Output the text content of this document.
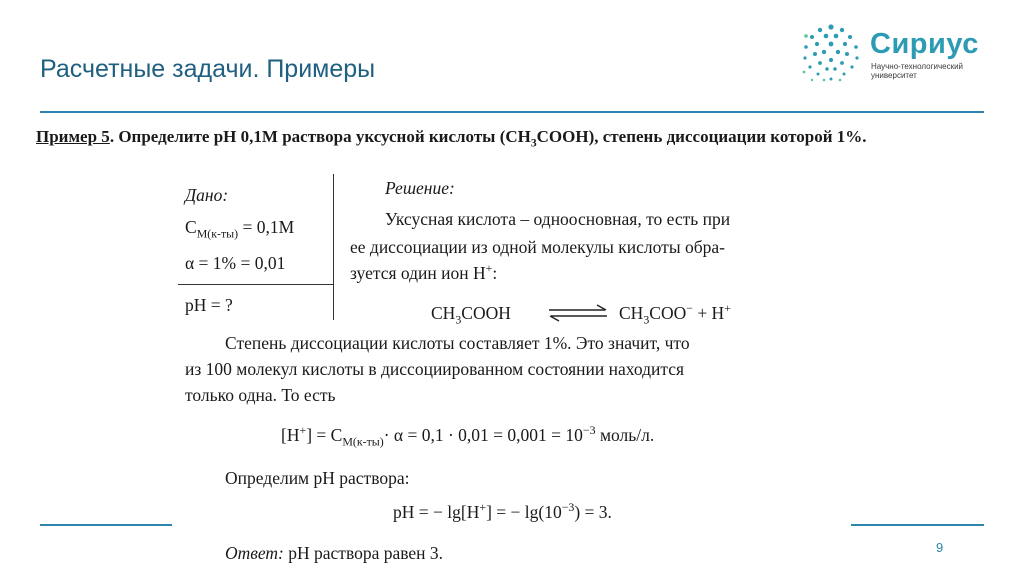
Расчетные задачи. Примеры
Сириус
Научно-технологический
университет
Пример 5. Определите pH 0,1М раствора уксусной кислоты $(CH_3COOH)$, степень диссоциации которой 1%.
Дано:
$C_{M(к-ты)} = 0,1M$
α = 1% = 0,01
pH = ?
Решение:
Уксусная кислота – одноосновная, то есть при
ее диссоциации из одной молекулы кислоты обра-
зуется один ион H+:
$CH_3COOH$ ⇌ $CH_3COO^- + H^+$
Степень диссоциации кислоты составляет 1%. Это значит, что
из 100 молекул кислоты в диссоциированном состоянии находится
только одна. То есть
$[H^+] = C_{M(к-ты)}\cdot \alpha = 0,1 \cdot 0,01 = 0,001 = 10^{-3}$ моль/л.
Определим pH раствора:
pH = − lg[H+] = − $\lg(10^{-3}) = 3$.
Ответ: pH раствора равен 3.	9
